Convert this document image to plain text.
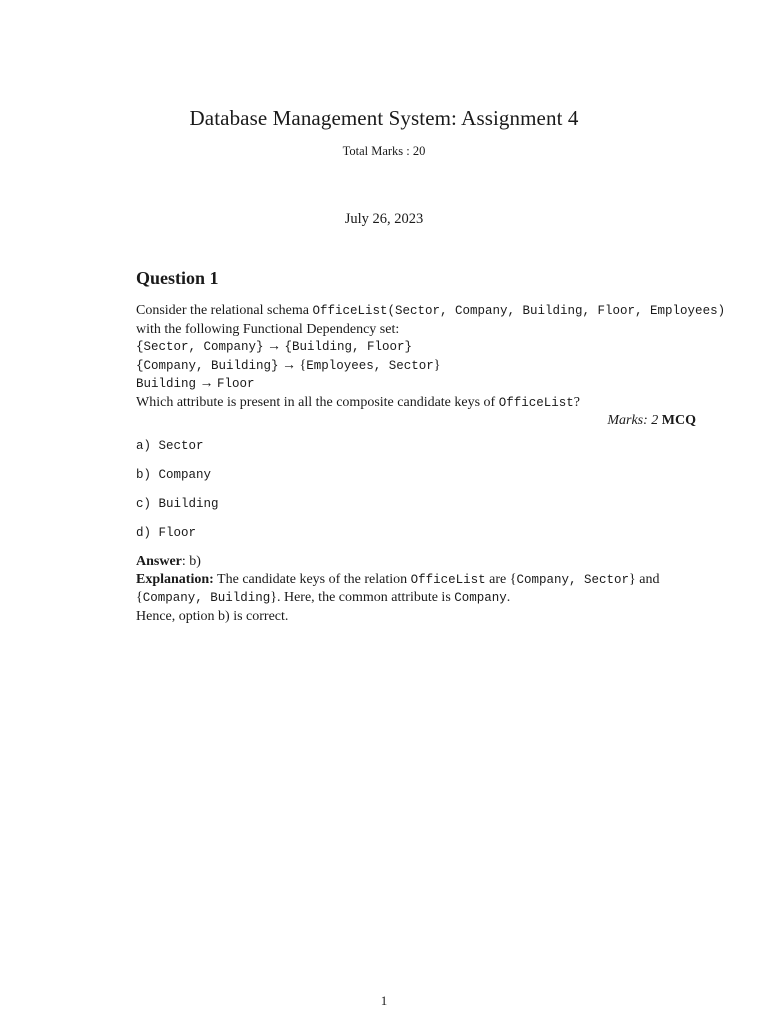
Database Management System: Assignment 4
Total Marks : 20
July 26, 2023
Question 1
Consider the relational schema OfficeList(Sector, Company, Building, Floor, Employees)
with the following Functional Dependency set:
{Sector, Company} → {Building, Floor}
{Company, Building} → {Employees, Sector}
Building → Floor
Which attribute is present in all the composite candidate keys of OfficeList?
Marks: 2 MCQ
a) Sector
b) Company
c) Building
d) Floor
Answer: b)
Explanation: The candidate keys of the relation OfficeList are {Company, Sector} and
{Company, Building}. Here, the common attribute is Company.
Hence, option b) is correct.
1
